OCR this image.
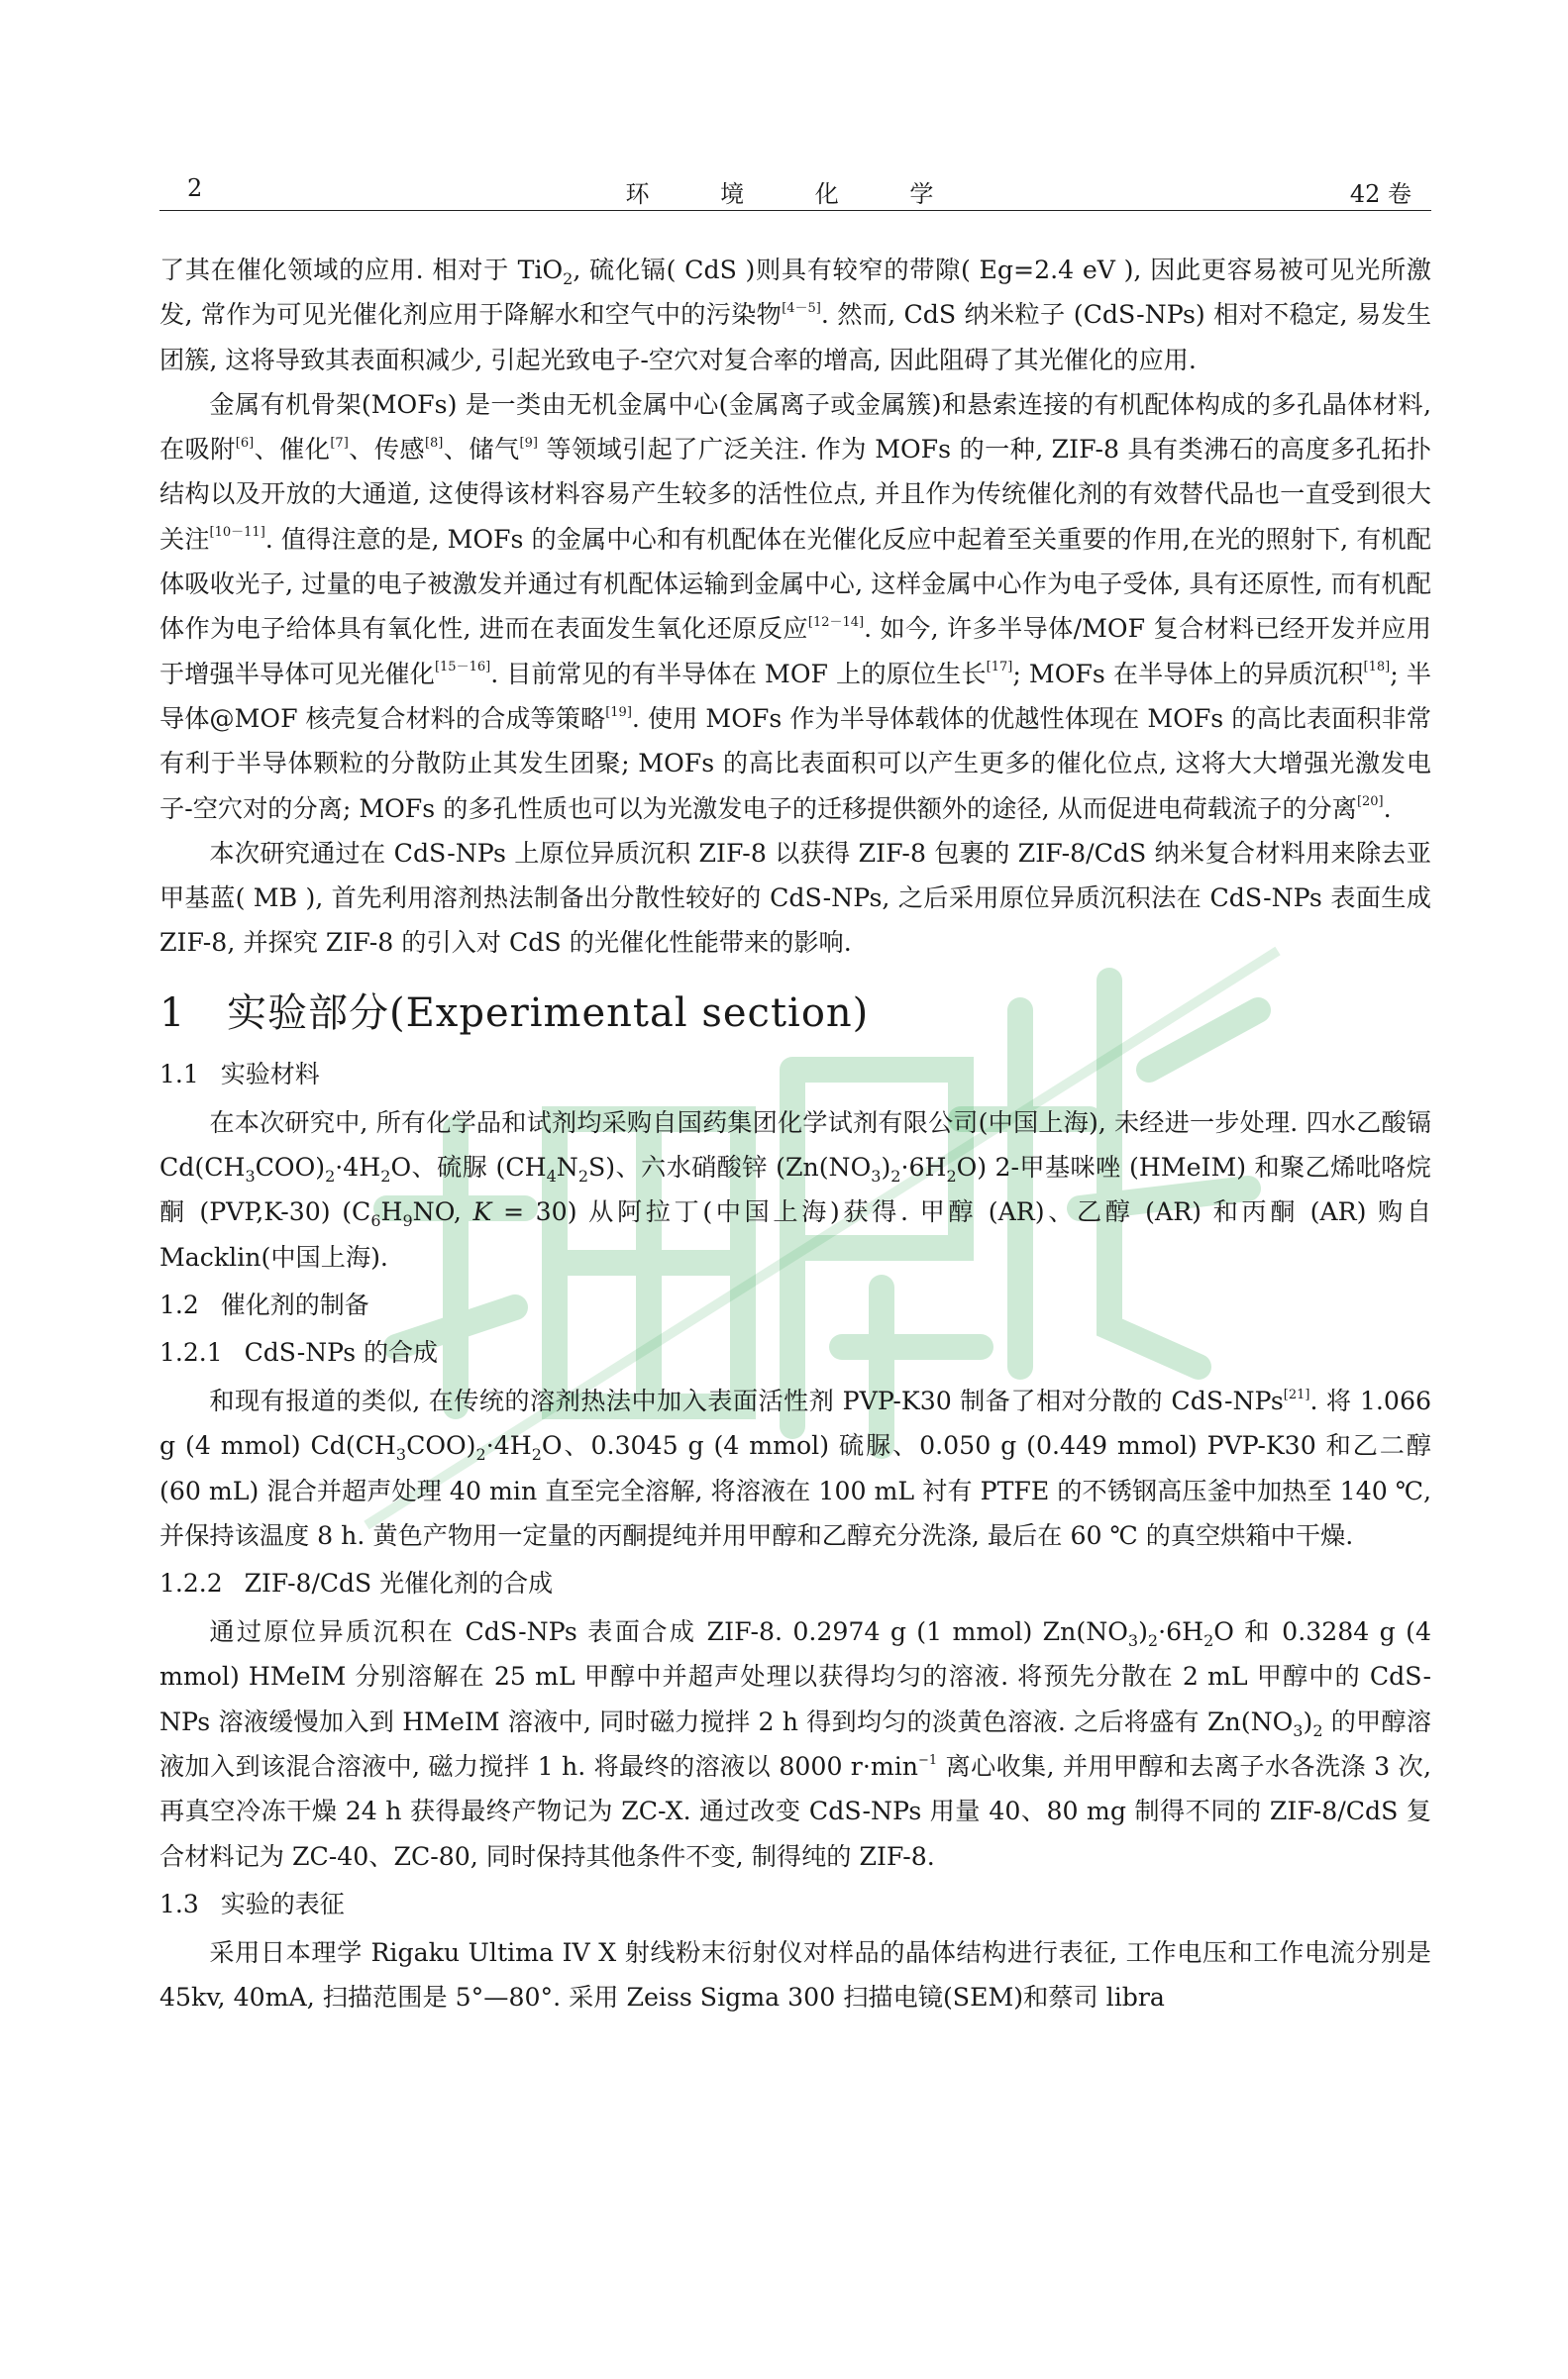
2	环 境 化 学	42 卷

了其在催化领域的应用. 相对于 TiO$_2$, 硫化镉( CdS )则具有较窄的带隙( Eg=2.4 eV ), 因此更容易被可见光所激发, 常作为可见光催化剂应用于降解水和空气中的污染物[4－5]. 然而, CdS 纳米粒子 (CdS-NPs) 相对不稳定, 易发生团簇, 这将导致其表面积减少, 引起光致电子-空穴对复合率的增高, 因此阻碍了其光催化的应用.

金属有机骨架(MOFs) 是一类由无机金属中心(金属离子或金属簇)和悬索连接的有机配体构成的多孔晶体材料, 在吸附[6]、催化[7]、传感[8]、储气[9] 等领域引起了广泛关注. 作为 MOFs 的一种, ZIF-8 具有类沸石的高度多孔拓扑结构以及开放的大通道, 这使得该材料容易产生较多的活性位点, 并且作为传统催化剂的有效替代品也一直受到很大关注[10－11]. 值得注意的是, MOFs 的金属中心和有机配体在光催化反应中起着至关重要的作用,在光的照射下, 有机配体吸收光子, 过量的电子被激发并通过有机配体运输到金属中心, 这样金属中心作为电子受体, 具有还原性, 而有机配体作为电子给体具有氧化性, 进而在表面发生氧化还原反应[12－14]. 如今, 许多半导体/MOF 复合材料已经开发并应用于增强半导体可见光催化[15－16]. 目前常见的有半导体在 MOF 上的原位生长[17]; MOFs 在半导体上的异质沉积[18]; 半导体@MOF 核壳复合材料的合成等策略[19]. 使用 MOFs 作为半导体载体的优越性体现在 MOFs 的高比表面积非常有利于半导体颗粒的分散防止其发生团聚; MOFs 的高比表面积可以产生更多的催化位点, 这将大大增强光激发电子-空穴对的分离; MOFs 的多孔性质也可以为光激发电子的迁移提供额外的途径, 从而促进电荷载流子的分离[20].

本次研究通过在 CdS-NPs 上原位异质沉积 ZIF-8 以获得 ZIF-8 包裹的 ZIF-8/CdS 纳米复合材料用来除去亚甲基蓝( MB ), 首先利用溶剂热法制备出分散性较好的 CdS-NPs, 之后采用原位异质沉积法在 CdS-NPs 表面生成 ZIF-8, 并探究 ZIF-8 的引入对 CdS 的光催化性能带来的影响.

1 实验部分(Experimental section)
1.1 实验材料

在本次研究中, 所有化学品和试剂均采购自国药集团化学试剂有限公司(中国上海), 未经进一步处理. 四水乙酸镉 $Cd(CH_3COO)_2\cdot 4H_2O$、硫脲 $(CH_4N_2S)$、六水硝酸锌 $(Zn(NO_3)_2\cdot 6H_2O)$ 2-甲基咪唑 (HMeIM) 和聚乙烯吡咯烷酮 (PVP,K-30) ($C_6H_9NO$, K = 30) 从阿拉丁(中国上海)获得. 甲醇 (AR)、乙醇 (AR) 和丙酮 (AR) 购自 Macklin(中国上海).

1.2 催化剂的制备
1.2.1 CdS-NPs 的合成

和现有报道的类似, 在传统的溶剂热法中加入表面活性剂 PVP-K30 制备了相对分散的 CdS-NPs[21]. 将 1.066 g (4 mmol) $Cd(CH_3COO)_2\cdot 4H_2O$、0.3045 g (4 mmol) 硫脲、0.050 g (0.449 mmol) PVP-K30 和乙二醇 (60 mL) 混合并超声处理 40 min 直至完全溶解, 将溶液在 100 mL 衬有 PTFE 的不锈钢高压釜中加热至 140 ℃, 并保持该温度 8 h. 黄色产物用一定量的丙酮提纯并用甲醇和乙醇充分洗涤, 最后在 60 ℃ 的真空烘箱中干燥.

1.2.2 ZIF-8/CdS 光催化剂的合成

通过原位异质沉积在 CdS-NPs 表面合成 ZIF-8. 0.2974 g (1 mmol) $Zn(NO_3)_2\cdot 6H_2O$ 和 0.3284 g (4 mmol) HMeIM 分别溶解在 25 mL 甲醇中并超声处理以获得均匀的溶液. 将预先分散在 2 mL 甲醇中的 CdS-NPs 溶液缓慢加入到 HMeIM 溶液中, 同时磁力搅拌 2 h 得到均匀的淡黄色溶液. 之后将盛有 $Zn(NO_3)_2$ 的甲醇溶液加入到该混合溶液中, 磁力搅拌 1 h. 将最终的溶液以 8000 $r\cdot\min^{-1}$ 离心收集, 并用甲醇和去离子水各洗涤 3 次, 再真空冷冻干燥 24 h 获得最终产物记为 ZC-X. 通过改变 CdS-NPs 用量 40、80 mg 制得不同的 ZIF-8/CdS 复合材料记为 ZC-40、ZC-80, 同时保持其他条件不变, 制得纯的 ZIF-8.

1.3 实验的表征

采用日本理学 Rigaku Ultima IV X 射线粉末衍射仪对样品的晶体结构进行表征, 工作电压和工作电流分别是 45kv, 40mA, 扫描范围是 5°—80°. 采用 Zeiss Sigma 300 扫描电镜(SEM)和蔡司 libra
